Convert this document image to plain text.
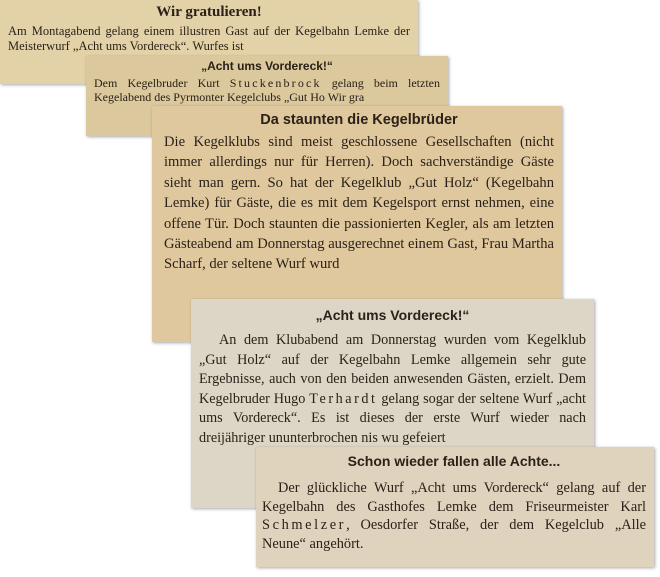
Wir gratulieren!

Am Montagabend gelang einem illustren Gast auf der Kegelbahn Lemke der Meisterwurf „Acht ums Vordereck“. Wurfes ist

„Acht ums Vordereck!“

Dem Kegelbruder Kurt Stuckenbrock gelang beim letzten Kegelabend des Pyrmonter Kegelclubs „Gut Ho Wir gra

Da staunten die Kegelbrüder

Die Kegelklubs sind meist geschlossene Gesellschaften (nicht immer allerdings nur für Herren). Doch sachverständige Gäste sieht man gern. So hat der Kegelklub „Gut Holz“ (Kegelbahn Lemke) für Gäste, die es mit dem Kegelsport ernst nehmen, eine offene Tür. Doch staunten die passionierten Kegler, als am letzten Gästeabend am Donnerstag ausgerechnet einem Gast, Frau Martha Scharf, der seltene Wurf wurd

„Acht ums Vordereck!“

An dem Klubabend am Donnerstag wurden vom Kegelklub „Gut Holz“ auf der Kegelbahn Lemke allgemein sehr gute Ergebnisse, auch von den beiden anwesenden Gästen, erzielt. Dem Kegelbruder Hugo Terhardt gelang sogar der seltene Wurf „acht ums Vordereck“. Es ist dieses der erste Wurf wieder nach dreijähriger ununterbrochen nis wu gefeiert

Schon wieder fallen alle Achte...

Der glückliche Wurf „Acht ums Vordereck“ gelang auf der Kegelbahn des Gasthofes Lemke dem Friseurmeister Karl Schmelzer, Oesdorfer Straße, der dem Kegelclub „Alle Neune“ angehört.
